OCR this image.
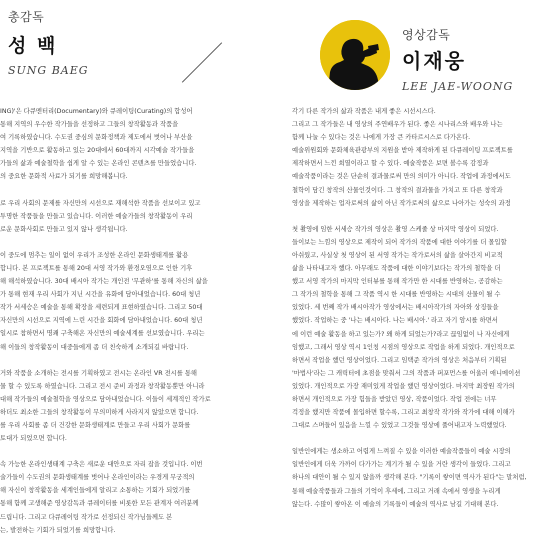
총감독
성 백
SUNG BAEG
영상감독
이재웅
LEE JAE-WOONG
ING)'은 다큐멘터리(Documentary)와 큐레이팅(Curating)의 합성어
통해 지역의 우수한 작가들을 선정하고 그들의 창작활동과 작품을
여 기록하였습니다. 수도권 중심의 문화정책과 제도에서 벗어나 부산을
지역을 기반으로 활동하고 있는 20대에서 60대까지 시각예술 작가들을
가들의 삶과 예술철학을 쉽게 알 수 있는 온라인 콘텐츠를 만들었습니다.
의 중요한 문화적 사료가 되기를 희망해봅니다.
로 우리 사회의 문제를 자신만의 시선으로 재해석한 작품을 선보이고 있고
투명한 작품들을 만들고 있습니다. 이러한 예술가들의 창작활동이 우리
로운 문화사회로 만들고 있지 않나 생각됩니다.
이 중도에 멈추는 일이 없이 우리가 조성한 온라인 문화생태계를 활용
합니다. 본 프로젝트를 통해 20대 서영 작가와 환경오염으로 인한 기후
해 해석하였습니다. 30대 배시아 작가는 개인전 '무관하'를 통해 자신의 삶을
가 통해 현재 우리 사회가 지닌 시간을 유화에 담아내었습니다. 60대 청년
작가 서세승은 예술을 통해 확장을 세련되게 표현하였습니다. 그리고 50대
자신만의 시선으로 지역에 느린 시간을 회화에 담아내었습니다. 60대 청년
일시로 참하면서 명쾌 구축해온 자신만의 예술세계를 선보였습니다. 우리는
해 이들의 창작활동이 대중들에게 좀 더 친숙하게 소개되길 바랍니다.
거와 작품을 소개하는 전시를 기획하였고 전시는 온라인 VR 전시를 통해
물 할 수 있도록 하였습니다. 그리고 전시 준비 과정과 창작활동뿐만 아니라
대해 작가들의 예술철학을 영상으로 담아내었습니다. 이들이 세계적인 작가로
하더도 최소한 그들의 창작활동이 무의미하게 사라지지 않았으면 합니다.
를 우리 사회를 좀 더 건강한 문화생태계로 만들고 우리 사회가 문화를
토대가 되었으면 합니다.
속 가능한 온라인생태계 구축은 새로운 대안으로 자리 잡을 것입니다. 이번
술가들이 수도권의 문화생태계를 벗어나 온라인이라는 우경게 무궁적의
해 자신이 창작활동을 세계인들에게 알리고 소통하는 기회가 되었기를
통해 함께 고생해준 영상감독과 큐레이터를 비롯한 모든 관계자 여러분께
드립니다. 그리고 다큐레이팅 작가로 선정되신 작가님들께도 본
는, 발전하는 기회가 되었기를 희망합니다.
각기 다른 작가의 삶과 작품은 내게 좋은 시선시스다.
그리고 그 작가들은 내 영상의 주연배우가 된다. 좋은 시나리스와 배우와 나는
함께 나눌 수 있다는 것은 나에게 가장 큰 카타르시스로 다가온다.
예술위원회와 문화체육관광부의 지원을 받아 제작하게 된 다큐레이팅 프로젝트를
제작하면서 느낀 희열이라고 할 수 있다. 예술작품은 보면 볼수록 감정과
예술작품이라는 것은 단순히 결과물로써 만의 의미가 아니다. 작업에 과정에서도
철학이 담긴 창작의 산물인것이다. 그 창작의 결과물을 가치고 또 다른 창작과
영상을 제작하는 업자로써의 삶이 아닌 작가로써의 삶으로 나아가는 성숙의 과정
첫 촬영에 임한 서세승 작가의 영상은 촬영 스케줄 상 마지막 영상이 되었다.
들이보는 느낌의 영상으로 제작이 되어 작가의 작품에 대한 이야기를 더 몰입할
아쉬웠고, 사실상 첫 영상이 된 서영 작가는 작가로서의 삶을 살아간지 비교적
삶을 나타내고자 했다. 아무래도 작품에 대한 이야기보다는 작가의 철학을 더
했고 서영 작가의 마지막 인터뷰를 통해 작가만 한 시대를 반영하는, 공감하는
그 작가의 철학을 통해 그 작품 역시 한 시대를 반영하는 시대의 산물이 될 수
있었다. 세 번째 작가 배시아작가 영상에서는 배시아작가의 자아와 상징들을
했었다. 작업하는 중 '나는 배시아다. 나는 배시아.' 라고 자기 암시를 하면서
에 이런 예술 활동을 하고 있는가? 왜 하게 되었는가?라고 끊임없이 나 자신에게
임했고, 그래서 영상 역시 1인칭 시점의 영상으로 작업을 하게 되었다. 개인적으로
하면서 작업을 했던 영상이었다. 그리고 임택준 작가의 영상은 처음부터 기획된
'마법사'라는 그 캐릭터에 초점을 맞춰서 그의 작품과 퍼포먼스를 어울러 애니메이션
있었다. 개인적으로 가장 재미있게 작업을 했던 영상이었다. 마지막 최장원 작가의
하면서 개인적으로 가장 힘들을 받았던 영상, 작품이었다. 작업 전에는 너무
걱정을 했지만 작품에 몰입하면 할수록, 그리고 최창작 작가와 작가에 대해 이해가
그대로 스며들어 있음을 느낄 수 있었고 그것들 영상에 풀어내고자 노력했었다.
일반인에게는 생소하고 어렵게 느껴질 수 있을 이러한 예술작품들이 예술 시장의
일반인에게 더욱 가까이 다가가는 계기가 될 수 있을 거란 생각이 들었다. 그리고
하나의 대안이 될 수 있지 않을까 생각해 본다. "기록이 쌓이면 역사가 된다"는 말처럼,
통해 예술작품들과 그들의 기억이 후세에, 그리고 거래 속에서 영생을 누리게
않는다. 수많이 쌓아온 이 예술의 기록들이 예술의 역사로 남길 기대해 본다.
